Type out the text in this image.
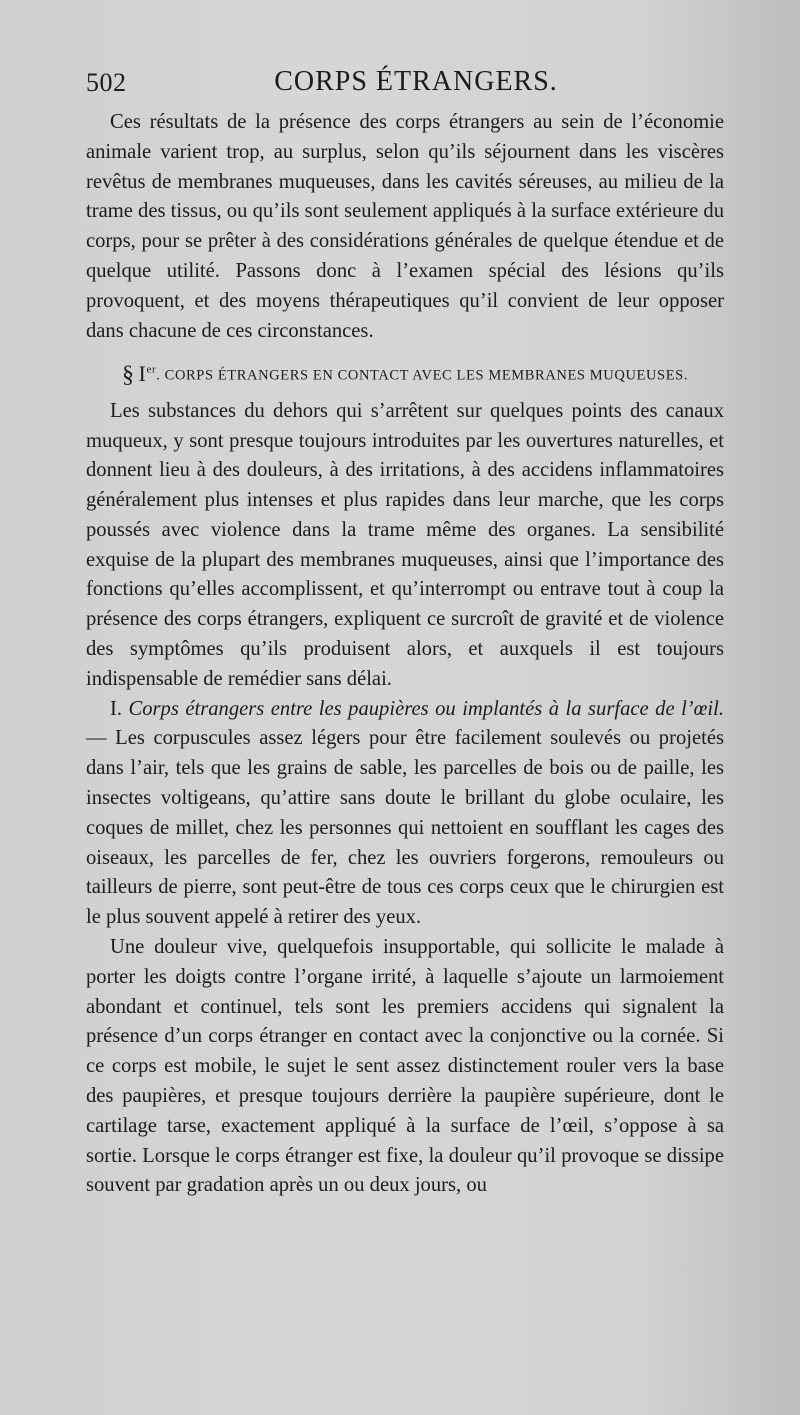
502	CORPS ÉTRANGERS.

Ces résultats de la présence des corps étrangers au sein de l’économie animale varient trop, au surplus, selon qu’ils séjournent dans les viscères revêtus de membranes muqueuses, dans les cavités séreuses, au milieu de la trame des tissus, ou qu’ils sont seulement appliqués à la surface extérieure du corps, pour se prêter à des considérations générales de quelque étendue et de quelque utilité. Passons donc à l’examen spécial des lésions qu’ils provoquent, et des moyens thérapeutiques qu’il convient de leur opposer dans chacune de ces circonstances.

§ Ier. CORPS ÉTRANGERS EN CONTACT AVEC LES MEMBRANES MUQUEUSES.

Les substances du dehors qui s’arrêtent sur quelques points des canaux muqueux, y sont presque toujours introduites par les ouvertures naturelles, et donnent lieu à des douleurs, à des irritations, à des accidens inflammatoires généralement plus intenses et plus rapides dans leur marche, que les corps poussés avec violence dans la trame même des organes. La sensibilité exquise de la plupart des membranes muqueuses, ainsi que l’importance des fonctions qu’elles accomplissent, et qu’interrompt ou entrave tout à coup la présence des corps étrangers, expliquent ce surcroît de gravité et de violence des symptômes qu’ils produisent alors, et auxquels il est toujours indispensable de remédier sans délai.

I. Corps étrangers entre les paupières ou implantés à la surface de l’œil. — Les corpuscules assez légers pour être facilement soulevés ou projetés dans l’air, tels que les grains de sable, les parcelles de bois ou de paille, les insectes voltigeans, qu’attire sans doute le brillant du globe oculaire, les coques de millet, chez les personnes qui nettoient en soufflant les cages des oiseaux, les parcelles de fer, chez les ouvriers forgerons, remouleurs ou tailleurs de pierre, sont peut-être de tous ces corps ceux que le chirurgien est le plus souvent appelé à retirer des yeux.

Une douleur vive, quelquefois insupportable, qui sollicite le malade à porter les doigts contre l’organe irrité, à laquelle s’ajoute un larmoiement abondant et continuel, tels sont les premiers accidens qui signalent la présence d’un corps étranger en contact avec la conjonctive ou la cornée. Si ce corps est mobile, le sujet le sent assez distinctement rouler vers la base des paupières, et presque toujours derrière la paupière supérieure, dont le cartilage tarse, exactement appliqué à la surface de l’œil, s’oppose à sa sortie. Lorsque le corps étranger est fixe, la douleur qu’il provoque se dissipe souvent par gradation après un ou deux jours, ou
